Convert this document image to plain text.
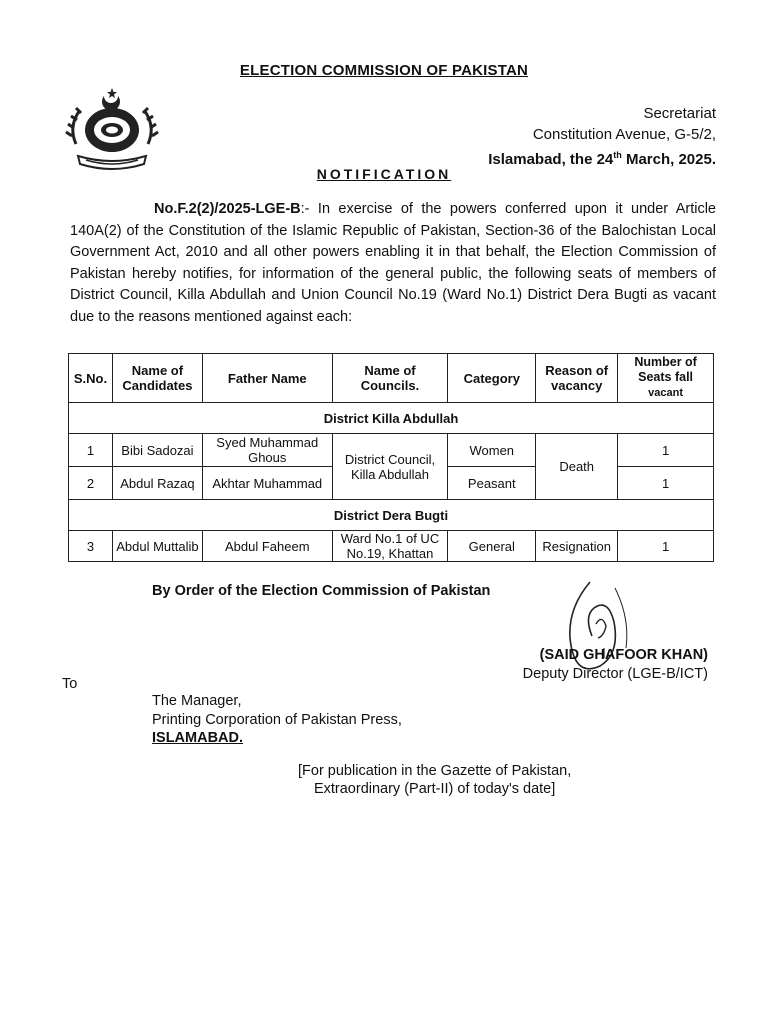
ELECTION COMMISSION OF PAKISTAN
Secretariat
Constitution Avenue, G-5/2,
Islamabad, the 24th March, 2025.
NOTIFICATION
No.F.2(2)/2025-LGE-B:- In exercise of the powers conferred upon it under Article 140A(2) of the Constitution of the Islamic Republic of Pakistan, Section-36 of the Balochistan Local Government Act, 2010 and all other powers enabling it in that behalf, the Election Commission of Pakistan hereby notifies, for information of the general public, the following seats of members of District Council, Killa Abdullah and Union Council No.19 (Ward No.1) District Dera Bugti as vacant due to the reasons mentioned against each:
S.No.	Name of Candidates	Father Name	Name of Councils.	Category	Reason of vacancy	Number of Seats fall
vacant
District Killa Abdullah						
1	Bibi Sadozai	Syed Muhammad Ghous	District Council, Killa Abdullah	Women	Death	1
2	Abdul Razaq	Akhtar Muhammad		Peasant		1
District Dera Bugti						
3	Abdul Muttalib	Abdul Faheem	Ward No.1 of UC No.19, Khattan	General	Resignation	1
By Order of the Election Commission of Pakistan
(SAID GHAFOOR KHAN)
Deputy Director (LGE-B/ICT)
To
The Manager,
Printing Corporation of Pakistan Press,
ISLAMABAD.
[For publication in the Gazette of Pakistan,
Extraordinary (Part-II) of today's date]
